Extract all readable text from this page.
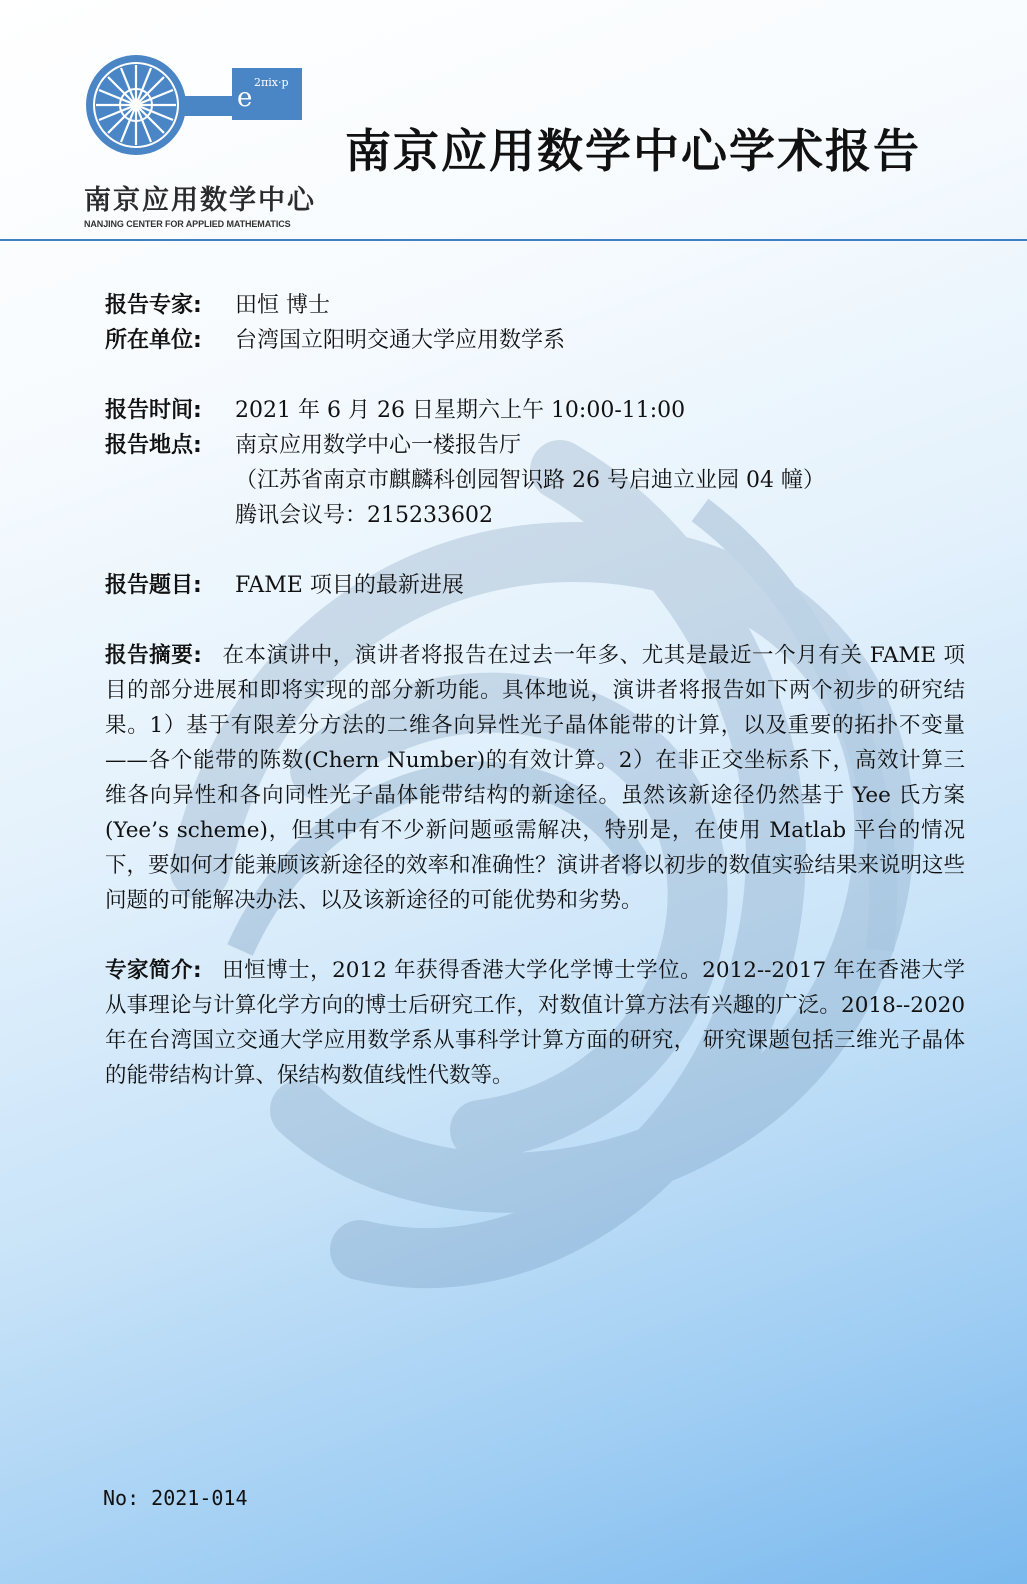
e
2πix·p
南京应用数学中心
NANJING CENTER FOR APPLIED MATHEMATICS
南京应用数学中心学术报告
报告专家:	田恒 博士
所在单位:	台湾国立阳明交通大学应用数学系
报告时间:	2021 年 6 月 26 日星期六上午 10:00-11:00
报告地点:	南京应用数学中心一楼报告厅
（江苏省南京市麒麟科创园智识路 26 号启迪立业园 04 幢）
腾讯会议号：215233602
报告题目:	FAME 项目的最新进展
报告摘要: 在本演讲中，演讲者将报告在过去一年多、尤其是最近一个月有关 FAME 项目的部分进展和即将实现的部分新功能。具体地说，演讲者将报告如下两个初步的研究结果。1）基于有限差分方法的二维各向异性光子晶体能带的计算，以及重要的拓扑不变量——各个能带的陈数(Chern Number)的有效计算。2）在非正交坐标系下，高效计算三维各向异性和各向同性光子晶体能带结构的新途径。虽然该新途径仍然基于 Yee 氏方案(Yee’s scheme)，但其中有不少新问题亟需解决，特别是，在使用 Matlab 平台的情况下，要如何才能兼顾该新途径的效率和准确性？演讲者将以初步的数值实验结果来说明这些问题的可能解决办法、以及该新途径的可能优势和劣势。
专家简介: 田恒博士，2012 年获得香港大学化学博士学位。2012--2017 年在香港大学从事理论与计算化学方向的博士后研究工作，对数值计算方法有兴趣的广泛。2018--2020 年在台湾国立交通大学应用数学系从事科学计算方面的研究， 研究课题包括三维光子晶体的能带结构计算、保结构数值线性代数等。
No: 2021-014
